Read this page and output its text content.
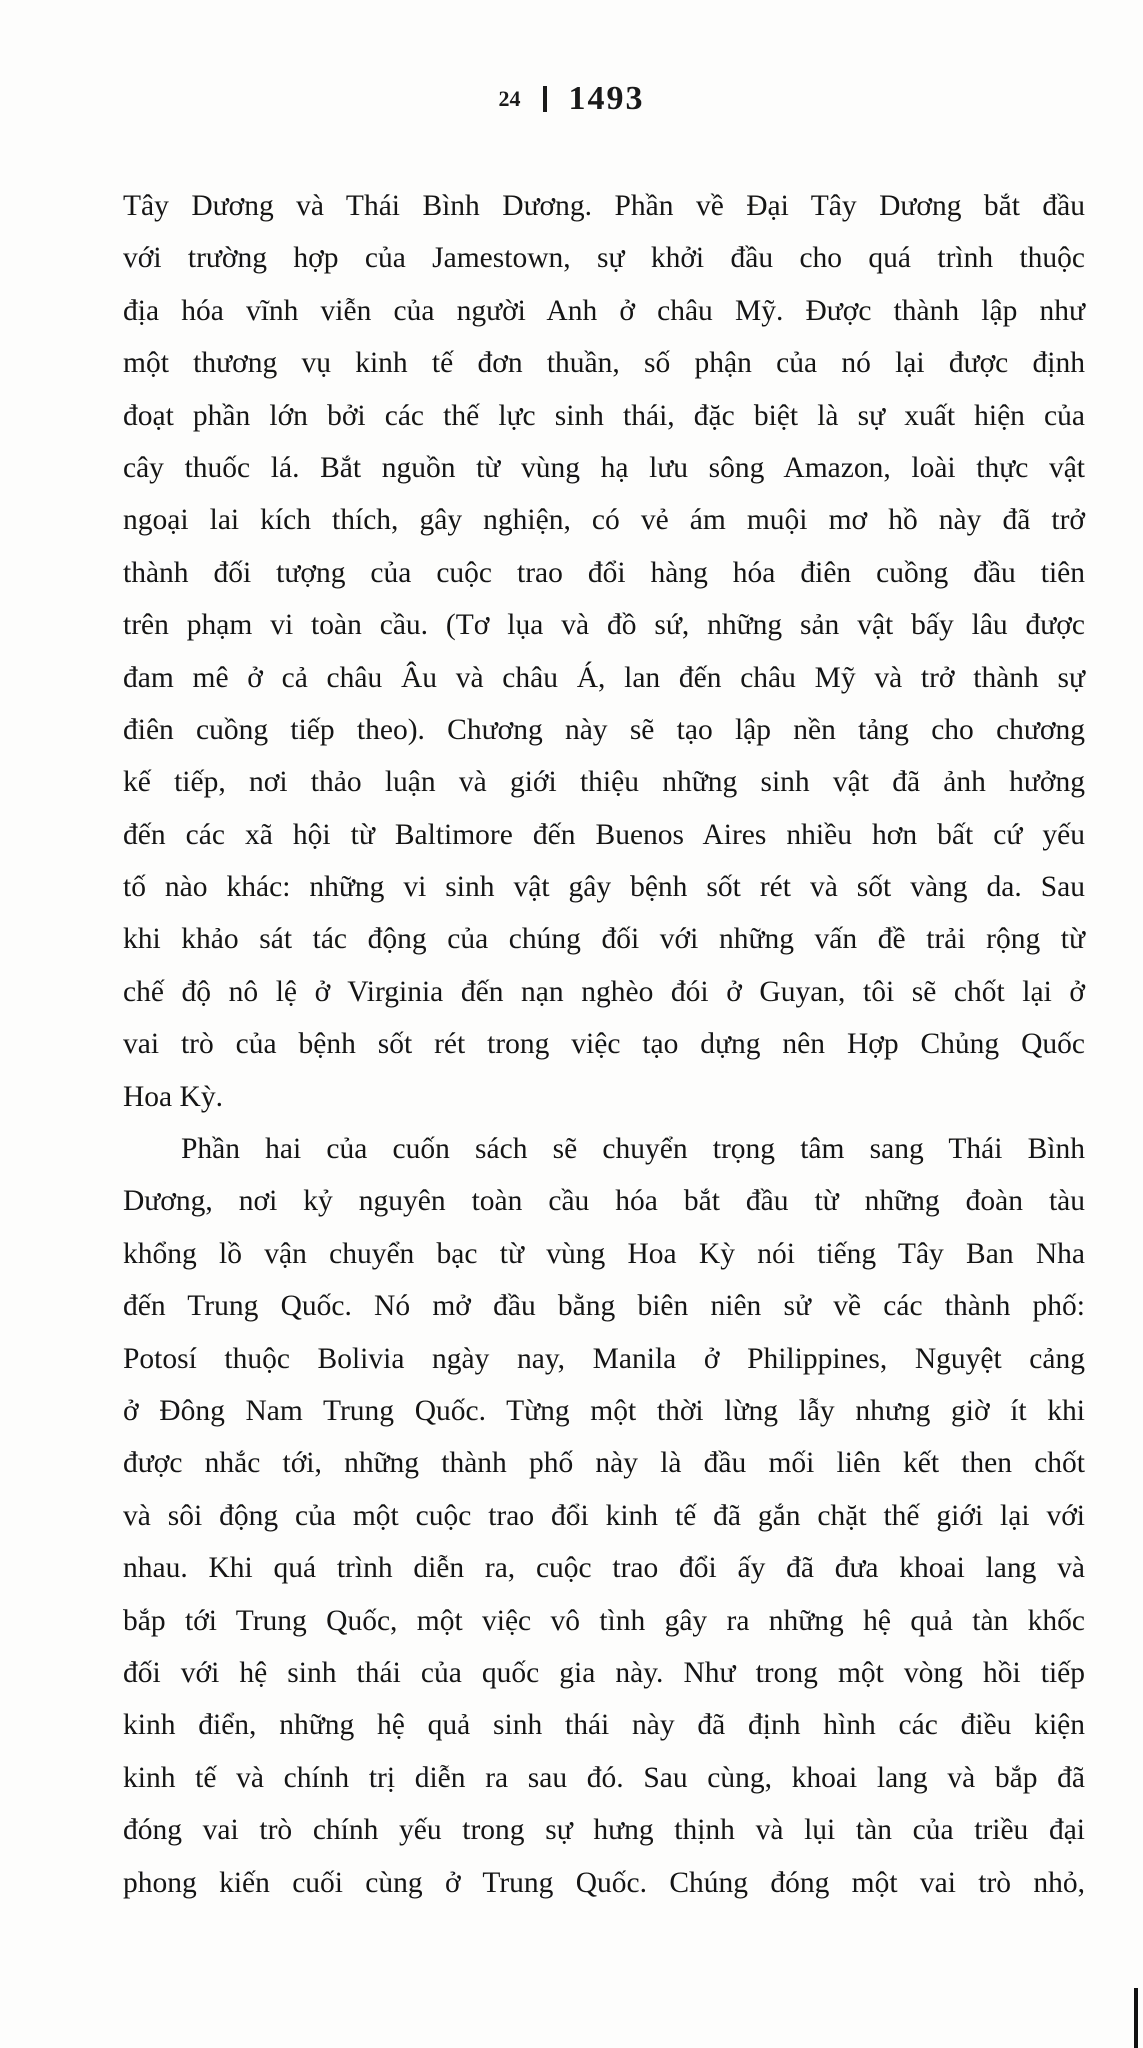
24 1493
Tây Dương và Thái Bình Dương. Phần về Đại Tây Dương bắt đầu
với trường hợp của Jamestown, sự khởi đầu cho quá trình thuộc
địa hóa vĩnh viễn của người Anh ở châu Mỹ. Được thành lập như
một thương vụ kinh tế đơn thuần, số phận của nó lại được định
đoạt phần lớn bởi các thế lực sinh thái, đặc biệt là sự xuất hiện của
cây thuốc lá. Bắt nguồn từ vùng hạ lưu sông Amazon, loài thực vật
ngoại lai kích thích, gây nghiện, có vẻ ám muội mơ hồ này đã trở
thành đối tượng của cuộc trao đổi hàng hóa điên cuồng đầu tiên
trên phạm vi toàn cầu. (Tơ lụa và đồ sứ, những sản vật bấy lâu được
đam mê ở cả châu Âu và châu Á, lan đến châu Mỹ và trở thành sự
điên cuồng tiếp theo). Chương này sẽ tạo lập nền tảng cho chương
kế tiếp, nơi thảo luận và giới thiệu những sinh vật đã ảnh hưởng
đến các xã hội từ Baltimore đến Buenos Aires nhiều hơn bất cứ yếu
tố nào khác: những vi sinh vật gây bệnh sốt rét và sốt vàng da. Sau
khi khảo sát tác động của chúng đối với những vấn đề trải rộng từ
chế độ nô lệ ở Virginia đến nạn nghèo đói ở Guyan, tôi sẽ chốt lại ở
vai trò của bệnh sốt rét trong việc tạo dựng nên Hợp Chủng Quốc
Hoa Kỳ.
Phần hai của cuốn sách sẽ chuyển trọng tâm sang Thái Bình
Dương, nơi kỷ nguyên toàn cầu hóa bắt đầu từ những đoàn tàu
khổng lồ vận chuyển bạc từ vùng Hoa Kỳ nói tiếng Tây Ban Nha
đến Trung Quốc. Nó mở đầu bằng biên niên sử về các thành phố:
Potosí thuộc Bolivia ngày nay, Manila ở Philippines, Nguyệt cảng
ở Đông Nam Trung Quốc. Từng một thời lừng lẫy nhưng giờ ít khi
được nhắc tới, những thành phố này là đầu mối liên kết then chốt
và sôi động của một cuộc trao đổi kinh tế đã gắn chặt thế giới lại với
nhau. Khi quá trình diễn ra, cuộc trao đổi ấy đã đưa khoai lang và
bắp tới Trung Quốc, một việc vô tình gây ra những hệ quả tàn khốc
đối với hệ sinh thái của quốc gia này. Như trong một vòng hồi tiếp
kinh điển, những hệ quả sinh thái này đã định hình các điều kiện
kinh tế và chính trị diễn ra sau đó. Sau cùng, khoai lang và bắp đã
đóng vai trò chính yếu trong sự hưng thịnh và lụi tàn của triều đại
phong kiến cuối cùng ở Trung Quốc. Chúng đóng một vai trò nhỏ,
